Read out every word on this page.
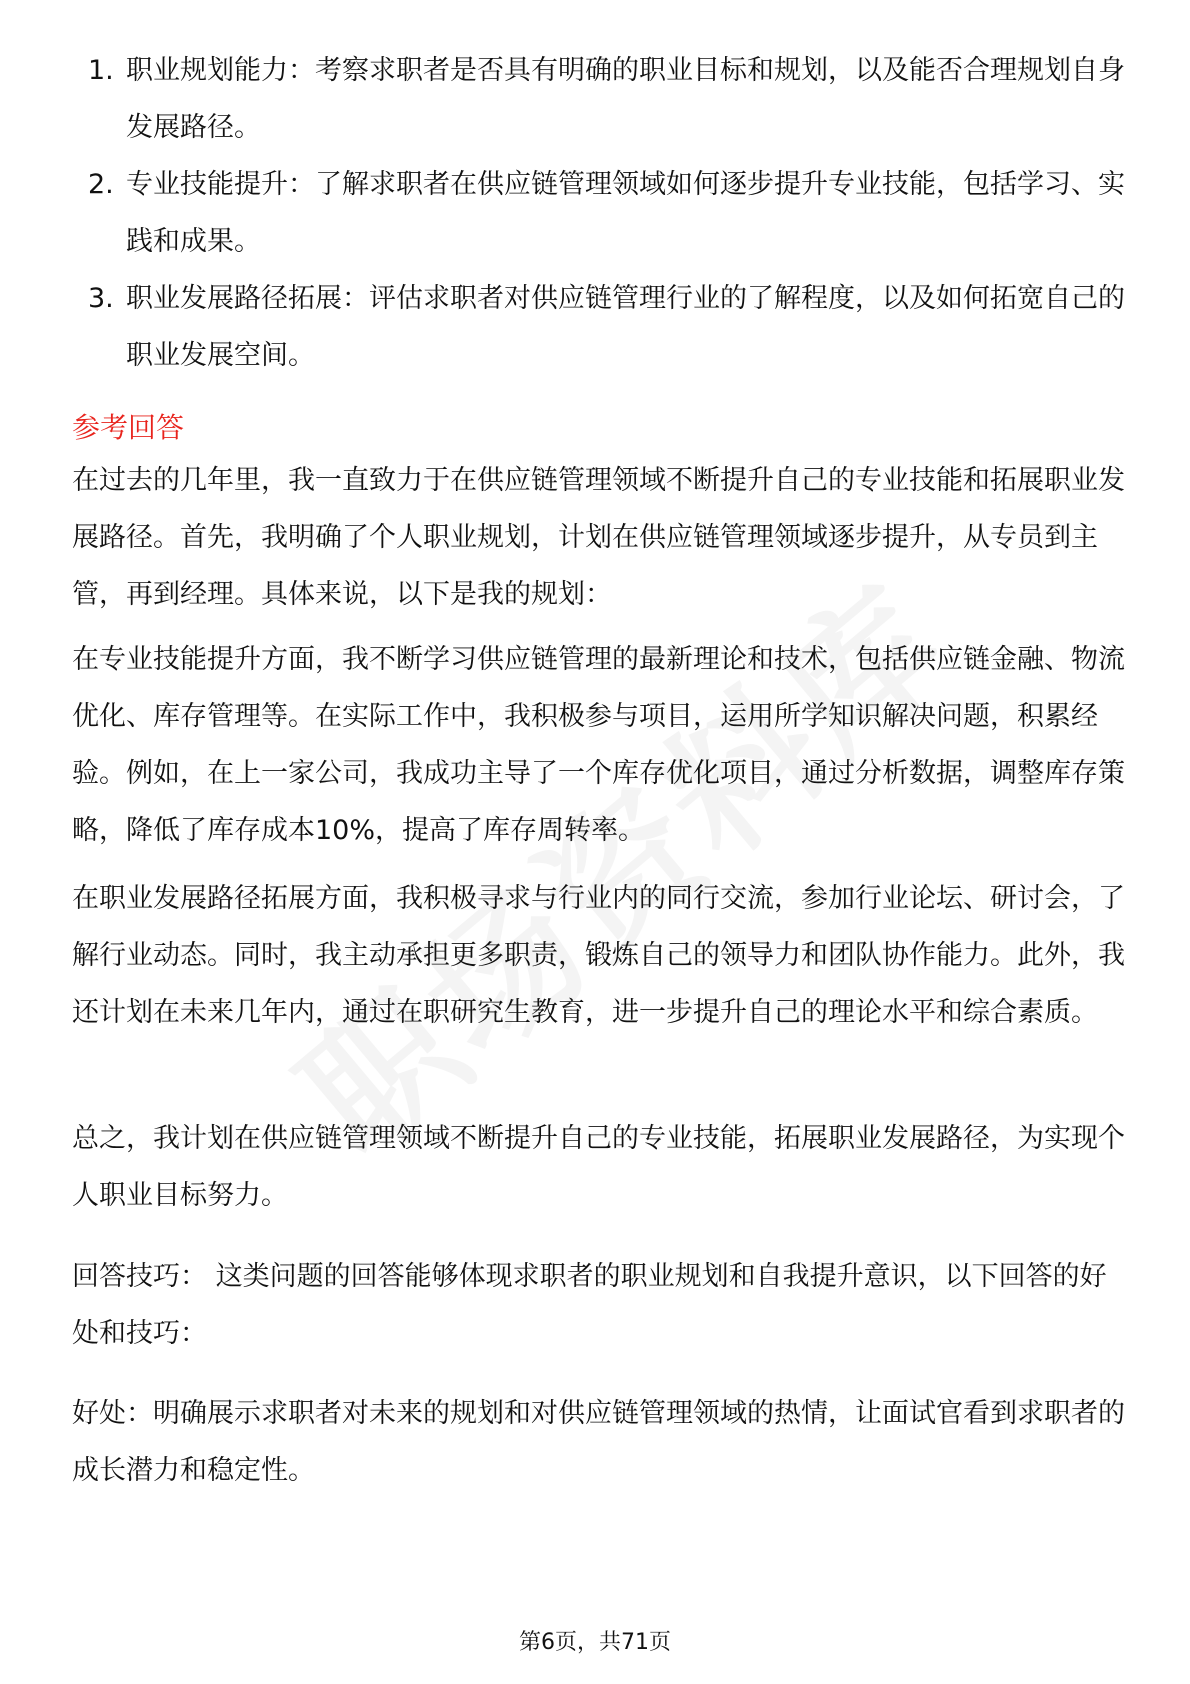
1. 职业规划能力：考察求职者是否具有明确的职业目标和规划，以及能否合理规划自身发展路径。
2. 专业技能提升：了解求职者在供应链管理领域如何逐步提升专业技能，包括学习、实践和成果。
3. 职业发展路径拓展：评估求职者对供应链管理行业的了解程度，以及如何拓宽自己的职业发展空间。
参考回答

在过去的几年里，我一直致力于在供应链管理领域不断提升自己的专业技能和拓展职业发展路径。首先，我明确了个人职业规划，计划在供应链管理领域逐步提升，从专员到主管，再到经理。具体来说，以下是我的规划：

在专业技能提升方面，我不断学习供应链管理的最新理论和技术，包括供应链金融、物流优化、库存管理等。在实际工作中，我积极参与项目，运用所学知识解决问题，积累经验。例如，在上一家公司，我成功主导了一个库存优化项目，通过分析数据，调整库存策略，降低了库存成本10%，提高了库存周转率。

在职业发展路径拓展方面，我积极寻求与行业内的同行交流，参加行业论坛、研讨会，了解行业动态。同时，我主动承担更多职责，锻炼自己的领导力和团队协作能力。此外，我还计划在未来几年内，通过在职研究生教育，进一步提升自己的理论水平和综合素质。

总之，我计划在供应链管理领域不断提升自己的专业技能，拓展职业发展路径，为实现个人职业目标努力。

回答技巧： 这类问题的回答能够体现求职者的职业规划和自我提升意识，以下回答的好处和技巧：

好处：明确展示求职者对未来的规划和对供应链管理领域的热情，让面试官看到求职者的成长潜力和稳定性。

第6页，共71页
